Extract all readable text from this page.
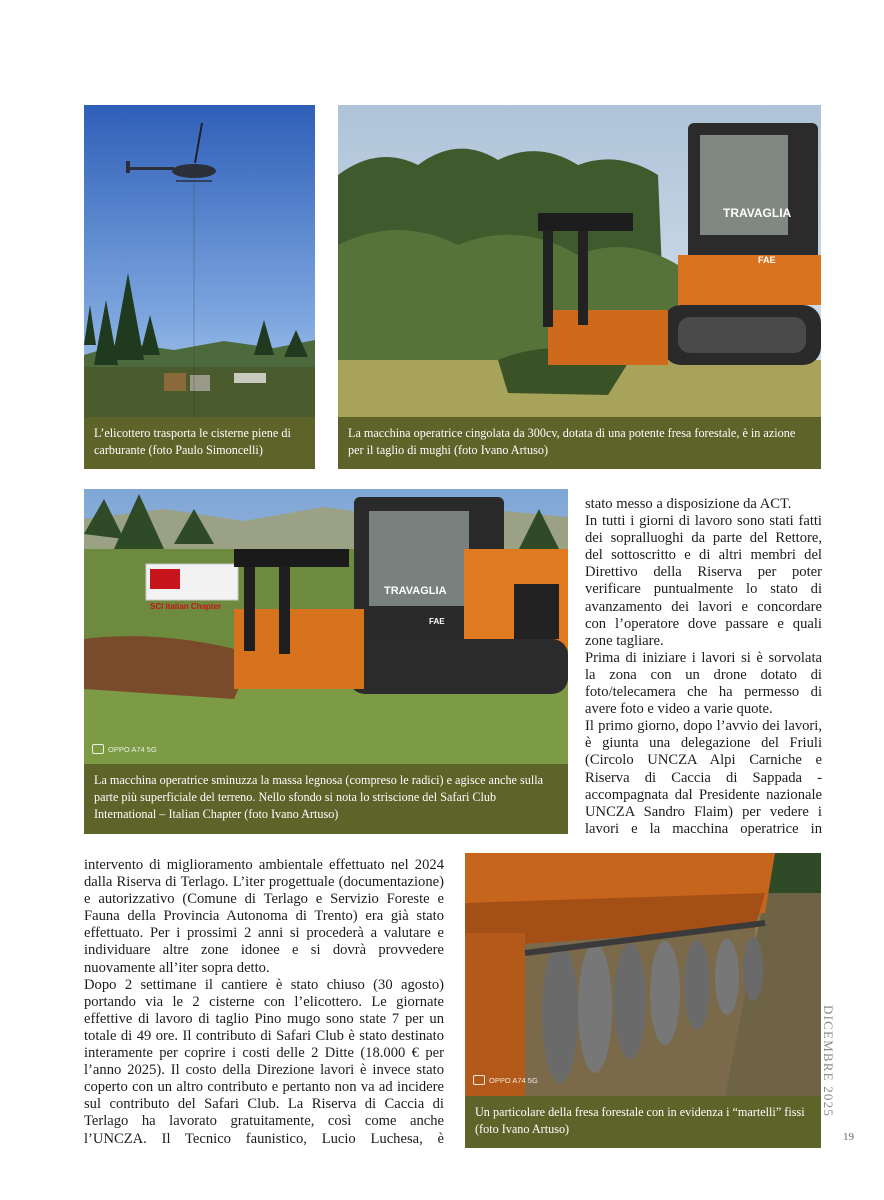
L’elicottero trasporta le cisterne piene di carburante (foto Paulo Simoncelli)
TRAVAGLIA
FAE
La macchina operatrice cingolata da 300cv, dotata di una potente fresa forestale, è in azione per il taglio di mughi (foto Ivano Artuso)
SCI Italian Chapter
TRAVAGLIA
FAE
OPPO A74 5G
La macchina operatrice sminuzza la massa legnosa (compreso le radici) e agisce anche sulla parte più superficiale del terreno. Nello sfondo si nota lo striscione del Safari Club International – Italian Chapter (foto Ivano Artuso)

stato messo a disposizione da ACT.

In tutti i giorni di lavoro sono stati fatti dei sopralluoghi da parte del Rettore, del sottoscritto e di altri membri del Direttivo della Riserva per poter verificare puntualmente lo stato di avanzamento dei lavori e concordare con l’operatore dove passare e quali zone tagliare.

Prima di iniziare i lavori si è sorvolata la zona con un drone dotato di foto/telecamera che ha permesso di avere foto e video a varie quote.

Il primo giorno, dopo l’avvio dei lavori, è giunta una delegazione del Friuli (Circolo UNCZA Alpi Carniche e Riserva di Caccia di Sappada - accompagnata dal Presidente nazionale UNCZA Sandro Flaim) per vedere i lavori e la macchina operatrice in

intervento di miglioramento ambientale effettuato nel 2024 dalla Riserva di Terlago. L’iter progettuale (documentazione) e autorizzativo (Comune di Terlago e Servizio Foreste e Fauna della Provincia Autonoma di Trento) era già stato effettuato. Per i prossimi 2 anni si procederà a valutare e individuare altre zone idonee e si dovrà provvedere nuovamente all’iter sopra detto.

Dopo 2 settimane il cantiere è stato chiuso (30 agosto) portando via le 2 cisterne con l’elicottero. Le giornate effettive di lavoro di taglio Pino mugo sono state 7 per un totale di 49 ore. Il contributo di Safari Club è stato destinato interamente per coprire i costi delle 2 Ditte (18.000 € per l’anno 2025). Il costo della Direzione lavori è invece stato coperto con un altro contributo e pertanto non va ad incidere sul contributo del Safari Club. La Riserva di Caccia di Terlago ha lavorato gratuitamente, così come anche l’UNCZA. Il Tecnico faunistico, Lucio Luchesa, è

OPPO A74 5G
Un particolare della fresa forestale con in evidenza i “martelli” fissi (foto Ivano Artuso)
DICEMBRE 2025
19
